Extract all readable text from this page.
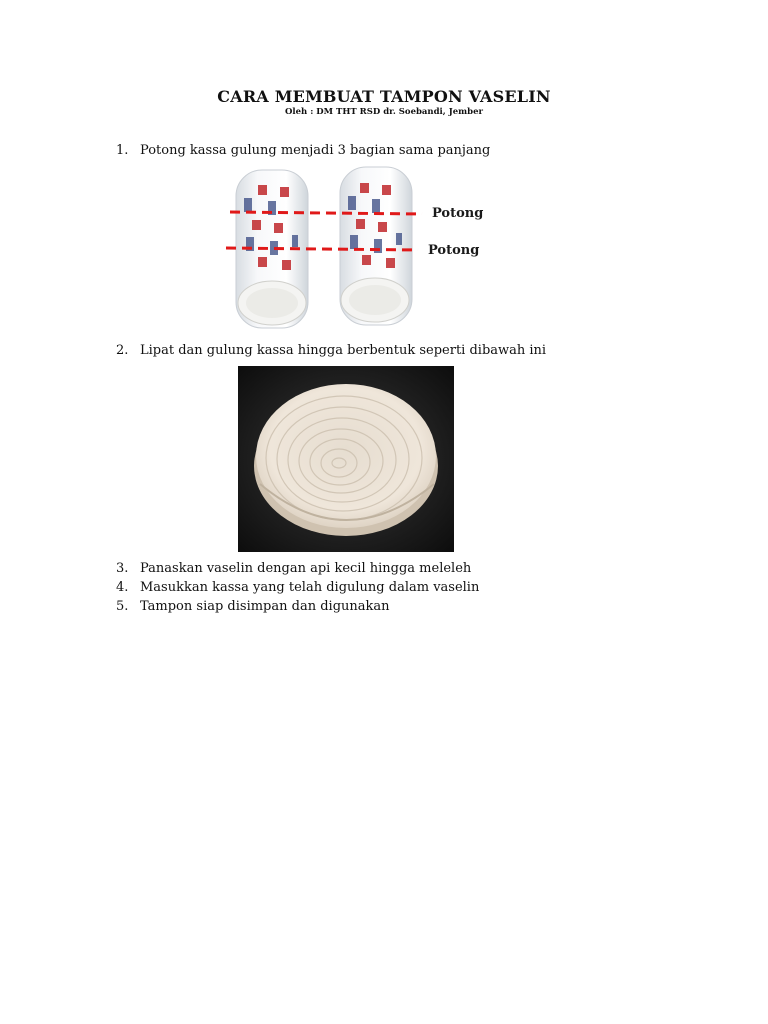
CARA MEMBUAT TAMPON VASELIN
Oleh : DM THT RSD dr. Soebandi, Jember
1. Potong kassa gulung menjadi 3 bagian sama panjang
Potong
Potong
2. Lipat dan gulung kassa hingga berbentuk seperti dibawah ini
3. Panaskan vaselin dengan api kecil hingga meleleh
4. Masukkan kassa yang telah digulung dalam vaselin
5. Tampon siap disimpan dan digunakan
